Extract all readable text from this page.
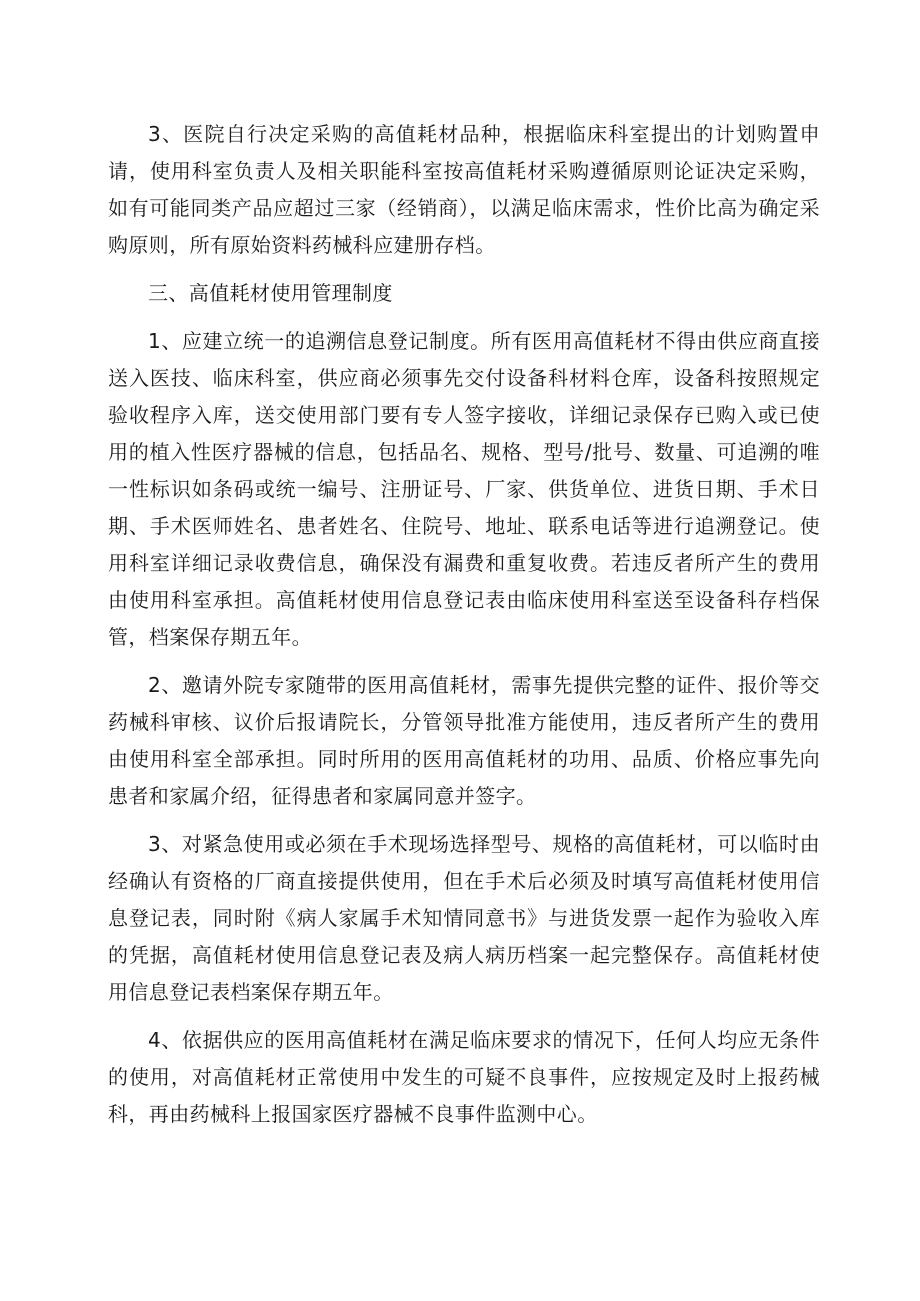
3、医院自行决定采购的高值耗材品种，根据临床科室提出的计划购置申请，使用科室负责人及相关职能科室按高值耗材采购遵循原则论证决定采购，如有可能同类产品应超过三家（经销商），以满足临床需求，性价比高为确定采购原则，所有原始资料药械科应建册存档。

三、高值耗材使用管理制度

1、应建立统一的追溯信息登记制度。所有医用高值耗材不得由供应商直接送入医技、临床科室，供应商必须事先交付设备科材料仓库，设备科按照规定验收程序入库，送交使用部门要有专人签字接收，详细记录保存已购入或已使用的植入性医疗器械的信息，包括品名、规格、型号/批号、数量、可追溯的唯一性标识如条码或统一编号、注册证号、厂家、供货单位、进货日期、手术日期、手术医师姓名、患者姓名、住院号、地址、联系电话等进行追溯登记。使用科室详细记录收费信息，确保没有漏费和重复收费。若违反者所产生的费用由使用科室承担。高值耗材使用信息登记表由临床使用科室送至设备科存档保管，档案保存期五年。

2、邀请外院专家随带的医用高值耗材，需事先提供完整的证件、报价等交药械科审核、议价后报请院长，分管领导批准方能使用，违反者所产生的费用由使用科室全部承担。同时所用的医用高值耗材的功用、品质、价格应事先向患者和家属介绍，征得患者和家属同意并签字。

3、对紧急使用或必须在手术现场选择型号、规格的高值耗材，可以临时由经确认有资格的厂商直接提供使用，但在手术后必须及时填写高值耗材使用信息登记表，同时附《病人家属手术知情同意书》与进货发票一起作为验收入库的凭据，高值耗材使用信息登记表及病人病历档案一起完整保存。高值耗材使用信息登记表档案保存期五年。

4、依据供应的医用高值耗材在满足临床要求的情况下，任何人均应无条件的使用，对高值耗材正常使用中发生的可疑不良事件，应按规定及时上报药械科，再由药械科上报国家医疗器械不良事件监测中心。
